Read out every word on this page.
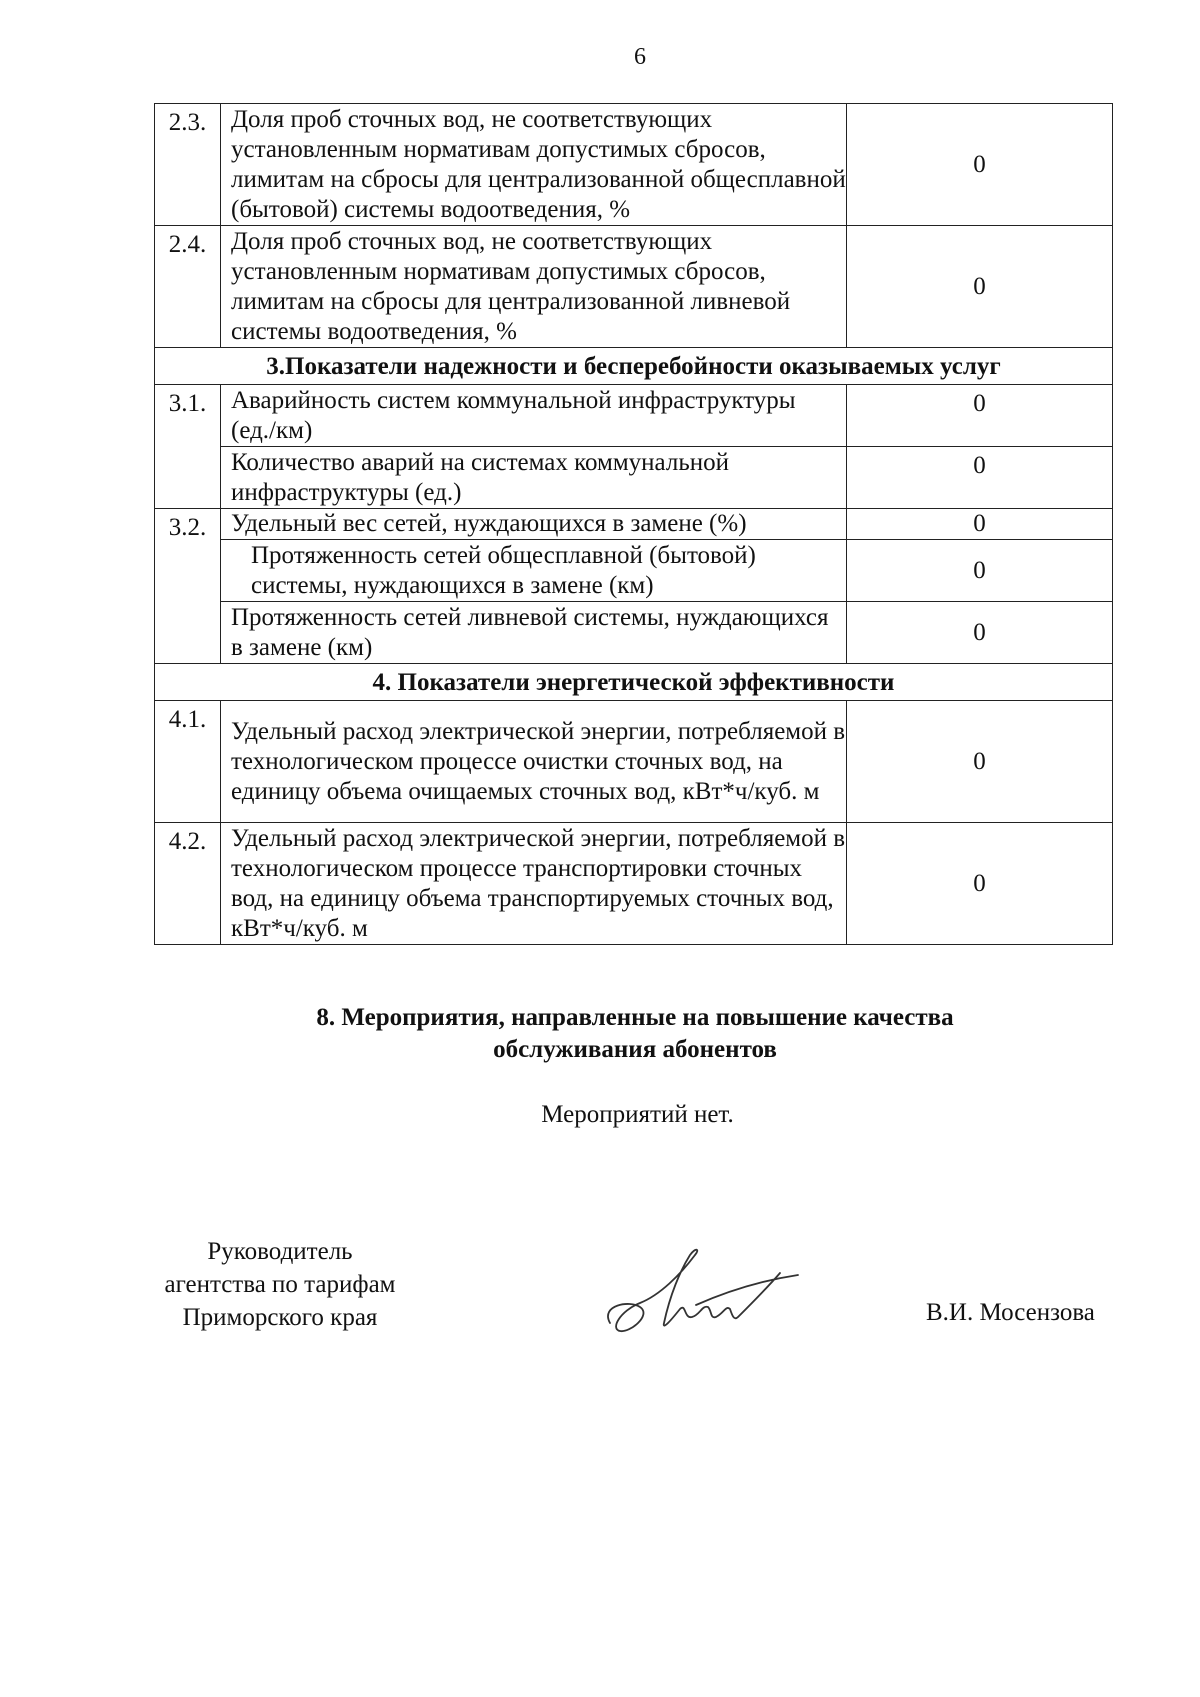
6
2.3.	Доля проб сточных вод, не соответствующих установленным нормативам допустимых сбросов, лимитам на сбросы для централизованной общесплавной (бытовой) системы водоотведения, %	0
2.4.	Доля проб сточных вод, не соответствующих установленным нормативам допустимых сбросов, лимитам на сбросы для централизованной ливневой системы водоотведения, %	0
3.Показатели надежности и бесперебойности оказываемых услуг		
3.1.	Аварийность систем коммунальной инфраструктуры (ед./км)	0
	Количество аварий на системах коммунальной инфраструктуры (ед.)	0
3.2.	Удельный вес сетей, нуждающихся в замене (%)	0
	Протяженность сетей общесплавной (бытовой) системы, нуждающихся в замене (км)	0
	Протяженность сетей ливневой системы, нуждающихся в замене (км)	0
4. Показатели энергетической эффективности		
4.1.	Удельный расход электрической энергии, потребляемой в технологическом процессе очистки сточных вод, на единицу объема очищаемых сточных вод, кВт*ч/куб. м	0
4.2.	Удельный расход электрической энергии, потребляемой в технологическом процессе транспортировки сточных вод, на единицу объема транспортируемых сточных вод, кВт*ч/куб. м	0
8. Мероприятия, направленные на повышение качества
обслуживания абонентов
Мероприятий нет.
Руководитель
агентства по тарифам
Приморского края	В.И. Мосензова
